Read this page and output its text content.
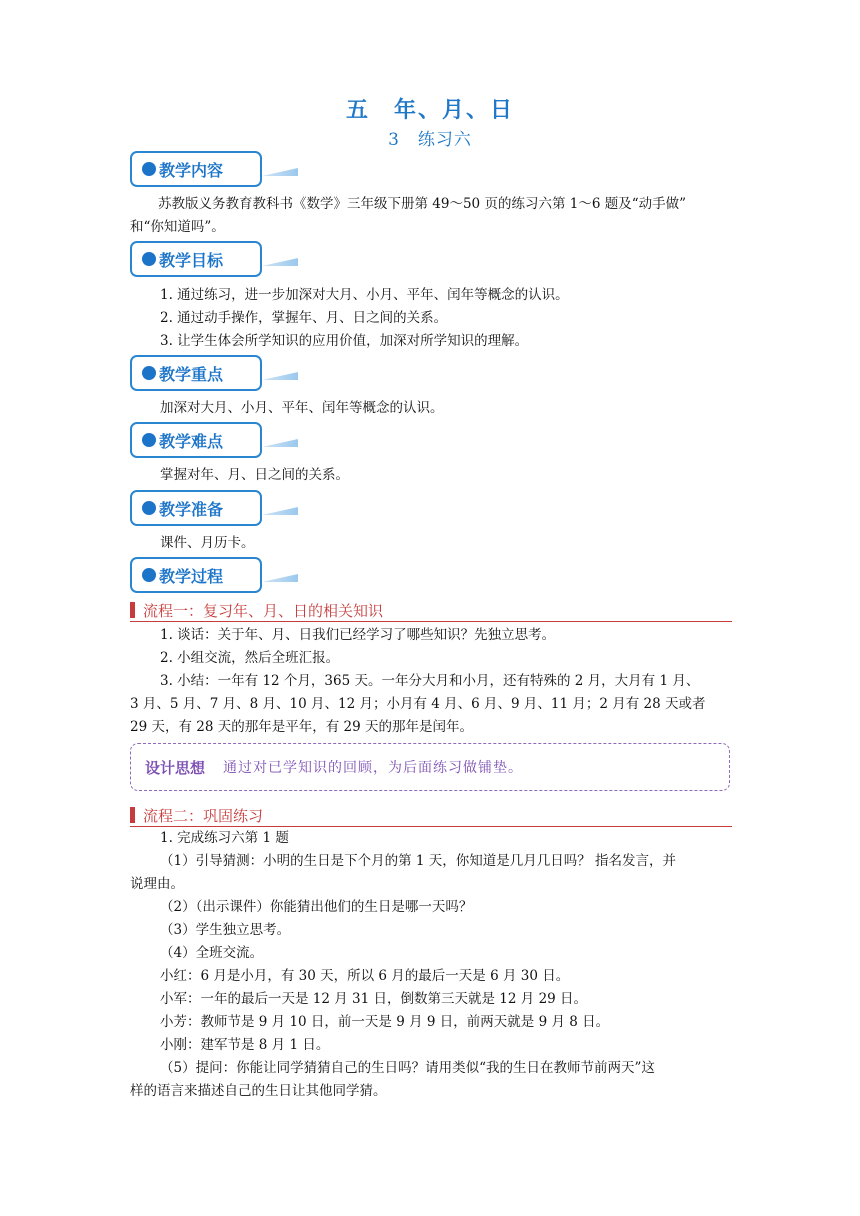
五　年、月、日
3　练习六
教学内容
苏教版义务教育教科书《数学》三年级下册第 49～50 页的练习六第 1～6 题及“动手做”
和“你知道吗”。
教学目标
1. 通过练习，进一步加深对大月、小月、平年、闰年等概念的认识。
2. 通过动手操作，掌握年、月、日之间的关系。
3. 让学生体会所学知识的应用价值，加深对所学知识的理解。
教学重点
加深对大月、小月、平年、闰年等概念的认识。
教学难点
掌握对年、月、日之间的关系。
教学准备
课件、月历卡。
教学过程
流程一：复习年、月、日的相关知识
1. 谈话：关于年、月、日我们已经学习了哪些知识？先独立思考。
2. 小组交流，然后全班汇报。
3. 小结：一年有 12 个月，365 天。一年分大月和小月，还有特殊的 2 月，大月有 1 月、
3 月、5 月、7 月、8 月、10 月、12 月；小月有 4 月、6 月、9 月、11 月；2 月有 28 天或者
29 天，有 28 天的那年是平年，有 29 天的那年是闰年。
设计思想 通过对已学知识的回顾，为后面练习做铺垫。
流程二：巩固练习
1. 完成练习六第 1 题
（1）引导猜测：小明的生日是下个月的第 1 天，你知道是几月几日吗？ 指名发言，并
说理由。
（2）（出示课件）你能猜出他们的生日是哪一天吗？
（3）学生独立思考。
（4）全班交流。
小红：6 月是小月，有 30 天，所以 6 月的最后一天是 6 月 30 日。
小军：一年的最后一天是 12 月 31 日，倒数第三天就是 12 月 29 日。
小芳：教师节是 9 月 10 日，前一天是 9 月 9 日，前两天就是 9 月 8 日。
小刚：建军节是 8 月 1 日。
（5）提问：你能让同学猜猜自己的生日吗？请用类似“我的生日在教师节前两天”这
样的语言来描述自己的生日让其他同学猜。
